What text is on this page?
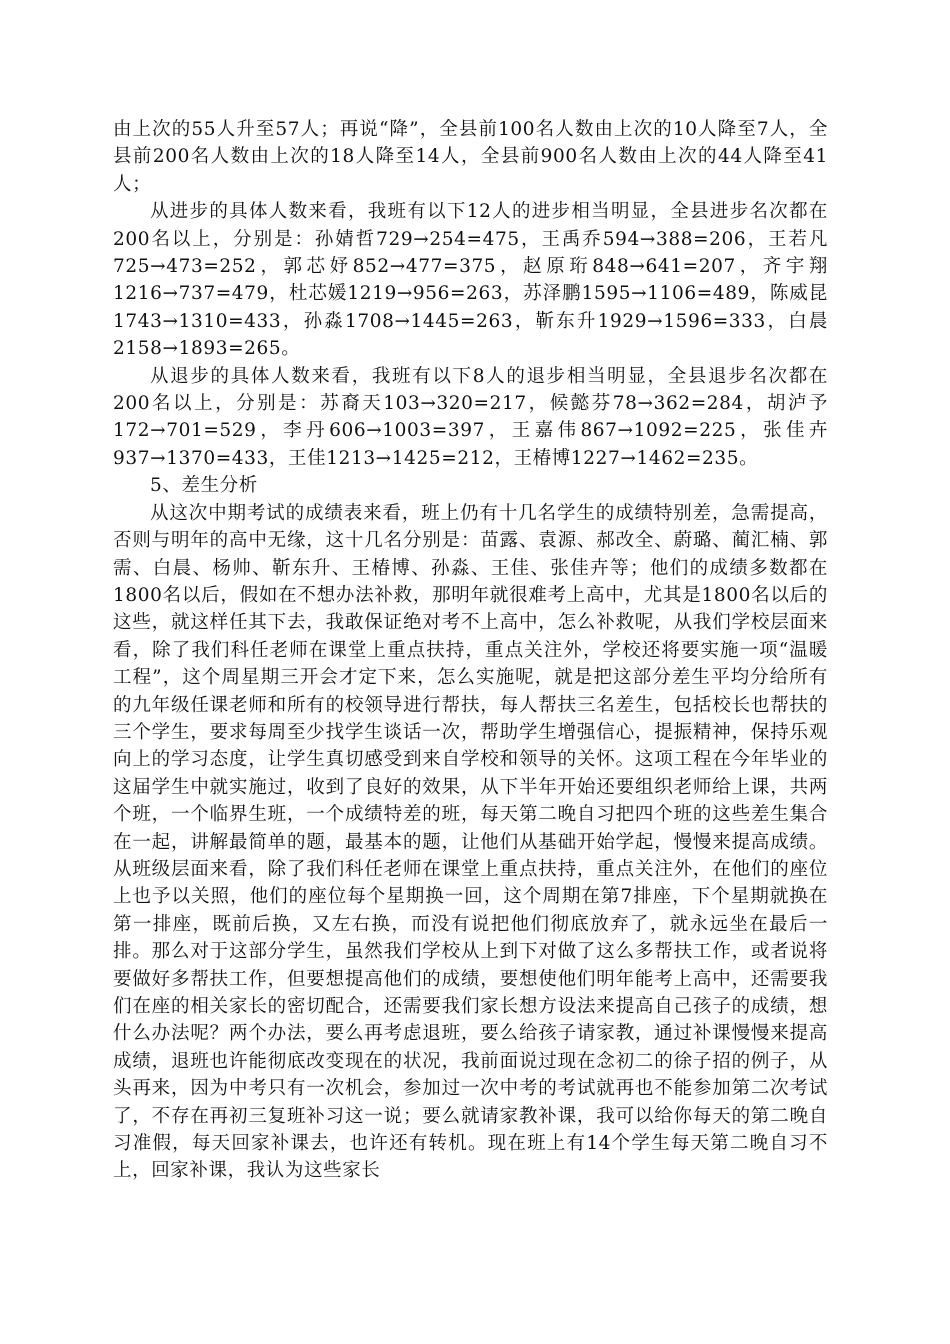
由上次的55人升至57人；再说“降”，全县前100名人数由上次的10人降至7人，全县前200名人数由上次的18人降至14人，全县前900名人数由上次的44人降至41人；

从进步的具体人数来看，我班有以下12人的进步相当明显，全县进步名次都在200名以上，分别是：孙婧哲729→254=475，王禹乔594→388=206，王若凡725→473=252，郭芯妤852→477=375，赵原珩848→641=207，齐宇翔1216→737=479，杜芯媛1219→956=263，苏泽鹏1595→1106=489，陈威昆1743→1310=433，孙淼1708→1445=263，靳东升1929→1596=333，白晨2158→1893=265。

从退步的具体人数来看，我班有以下8人的退步相当明显，全县退步名次都在200名以上，分别是：苏裔天103→320=217，候懿芬78→362=284，胡泸予172→701=529，李丹606→1003=397，王嘉伟867→1092=225，张佳卉937→1370=433，王佳1213→1425=212，王椿博1227→1462=235。

5、差生分析

从这次中期考试的成绩表来看，班上仍有十几名学生的成绩特别差，急需提高，否则与明年的高中无缘，这十几名分别是：苗露、袁源、郝改全、蔚璐、蔺汇楠、郭需、白晨、杨帅、靳东升、王椿博、孙淼、王佳、张佳卉等；他们的成绩多数都在1800名以后，假如在不想办法补救，那明年就很难考上高中，尤其是1800名以后的这些，就这样任其下去，我敢保证绝对考不上高中，怎么补救呢，从我们学校层面来看，除了我们科任老师在课堂上重点扶持，重点关注外，学校还将要实施一项“温暖工程”，这个周星期三开会才定下来，怎么实施呢，就是把这部分差生平均分给所有的九年级任课老师和所有的校领导进行帮扶，每人帮扶三名差生，包括校长也帮扶的三个学生，要求每周至少找学生谈话一次，帮助学生增强信心，提振精神，保持乐观向上的学习态度，让学生真切感受到来自学校和领导的关怀。这项工程在今年毕业的这届学生中就实施过，收到了良好的效果，从下半年开始还要组织老师给上课，共两个班，一个临界生班，一个成绩特差的班，每天第二晚自习把四个班的这些差生集合在一起，讲解最简单的题，最基本的题，让他们从基础开始学起，慢慢来提高成绩。从班级层面来看，除了我们科任老师在课堂上重点扶持，重点关注外，在他们的座位上也予以关照，他们的座位每个星期换一回，这个周期在第7排座，下个星期就换在第一排座，既前后换，又左右换，而没有说把他们彻底放弃了，就永远坐在最后一排。那么对于这部分学生，虽然我们学校从上到下对做了这么多帮扶工作，或者说将要做好多帮扶工作，但要想提高他们的成绩，要想使他们明年能考上高中，还需要我们在座的相关家长的密切配合，还需要我们家长想方设法来提高自己孩子的成绩，想什么办法呢？两个办法，要么再考虑退班，要么给孩子请家教，通过补课慢慢来提高成绩，退班也许能彻底改变现在的状况，我前面说过现在念初二的徐子招的例子，从头再来，因为中考只有一次机会，参加过一次中考的考试就再也不能参加第二次考试了，不存在再初三复班补习这一说；要么就请家教补课，我可以给你每天的第二晚自习准假，每天回家补课去，也许还有转机。现在班上有14个学生每天第二晚自习不上，回家补课，我认为这些家长
